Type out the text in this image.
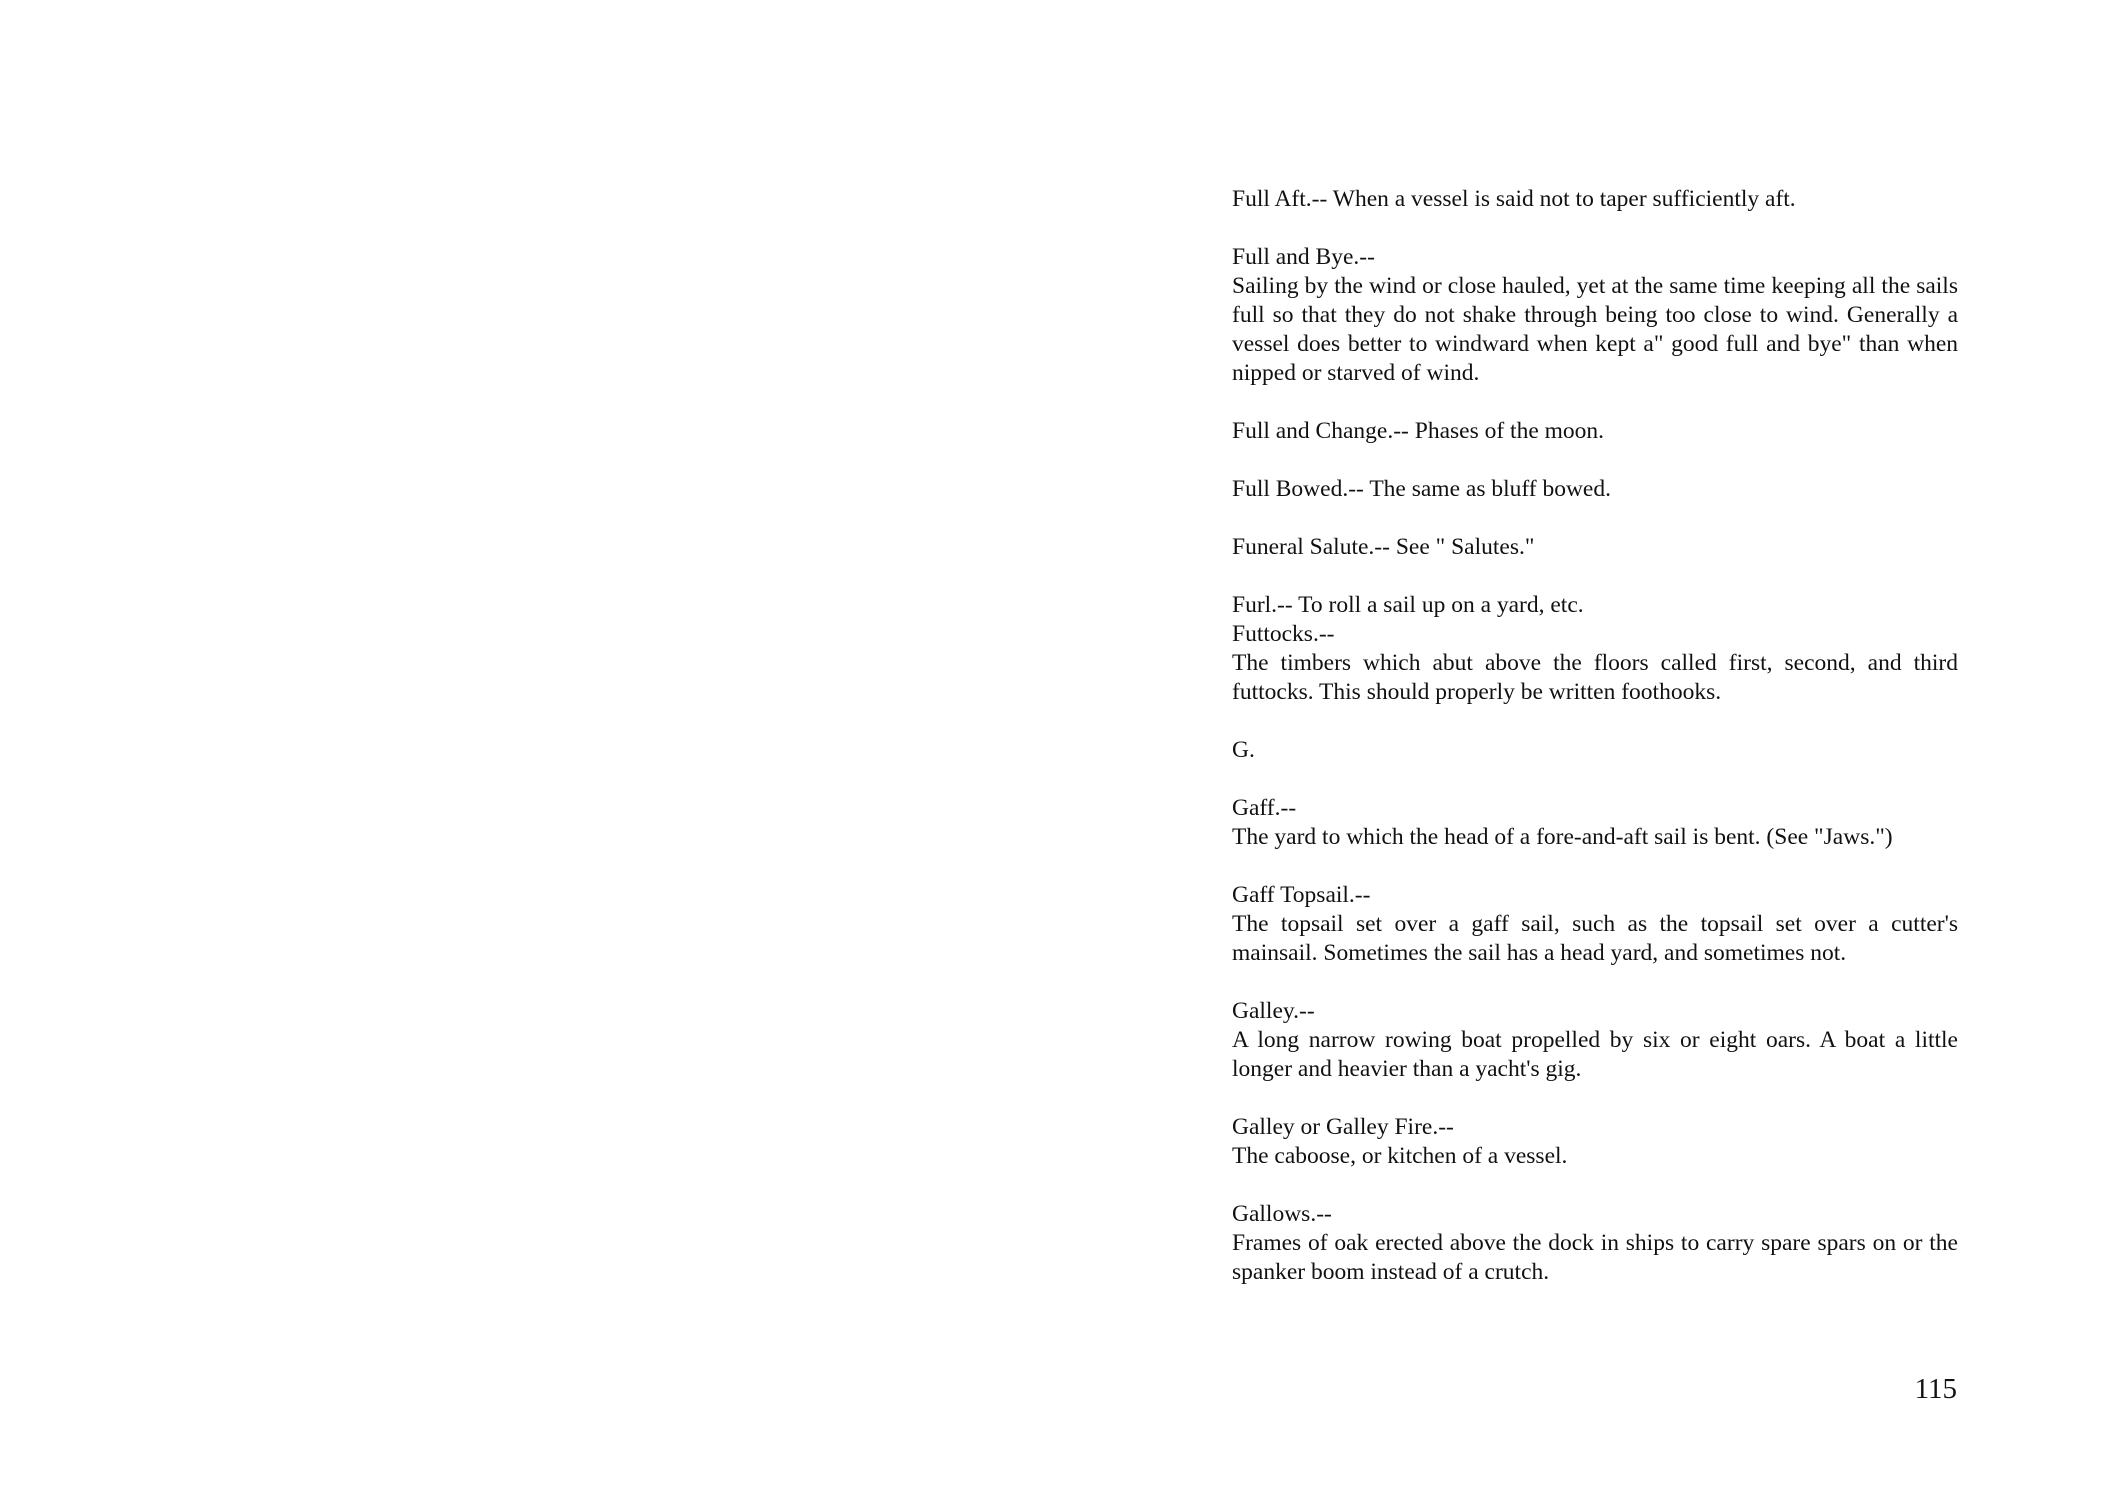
Full Aft.-- When a vessel is said not to taper sufficiently aft.
Full and Bye.--
Sailing by the wind or close hauled, yet at the same time keeping all the sails full so that they do not shake through being too close to wind. Generally a vessel does better to windward when kept a" good full and bye" than when nipped or starved of wind.
Full and Change.-- Phases of the moon.
Full Bowed.-- The same as bluff bowed.
Funeral Salute.-- See " Salutes."
Furl.-- To roll a sail up on a yard, etc.
Futtocks.--
The timbers which abut above the floors called first, second, and third futtocks. This should properly be written foothooks.
G.
Gaff.--
The yard to which the head of a fore-and-aft sail is bent. (See "Jaws.")
Gaff Topsail.--
The topsail set over a gaff sail, such as the topsail set over a cutter's mainsail. Sometimes the sail has a head yard, and sometimes not.
Galley.--
A long narrow rowing boat propelled by six or eight oars. A boat a little longer and heavier than a yacht's gig.
Galley or Galley Fire.--
The caboose, or kitchen of a vessel.
Gallows.--
Frames of oak erected above the dock in ships to carry spare spars on or the spanker boom instead of a crutch.
115
